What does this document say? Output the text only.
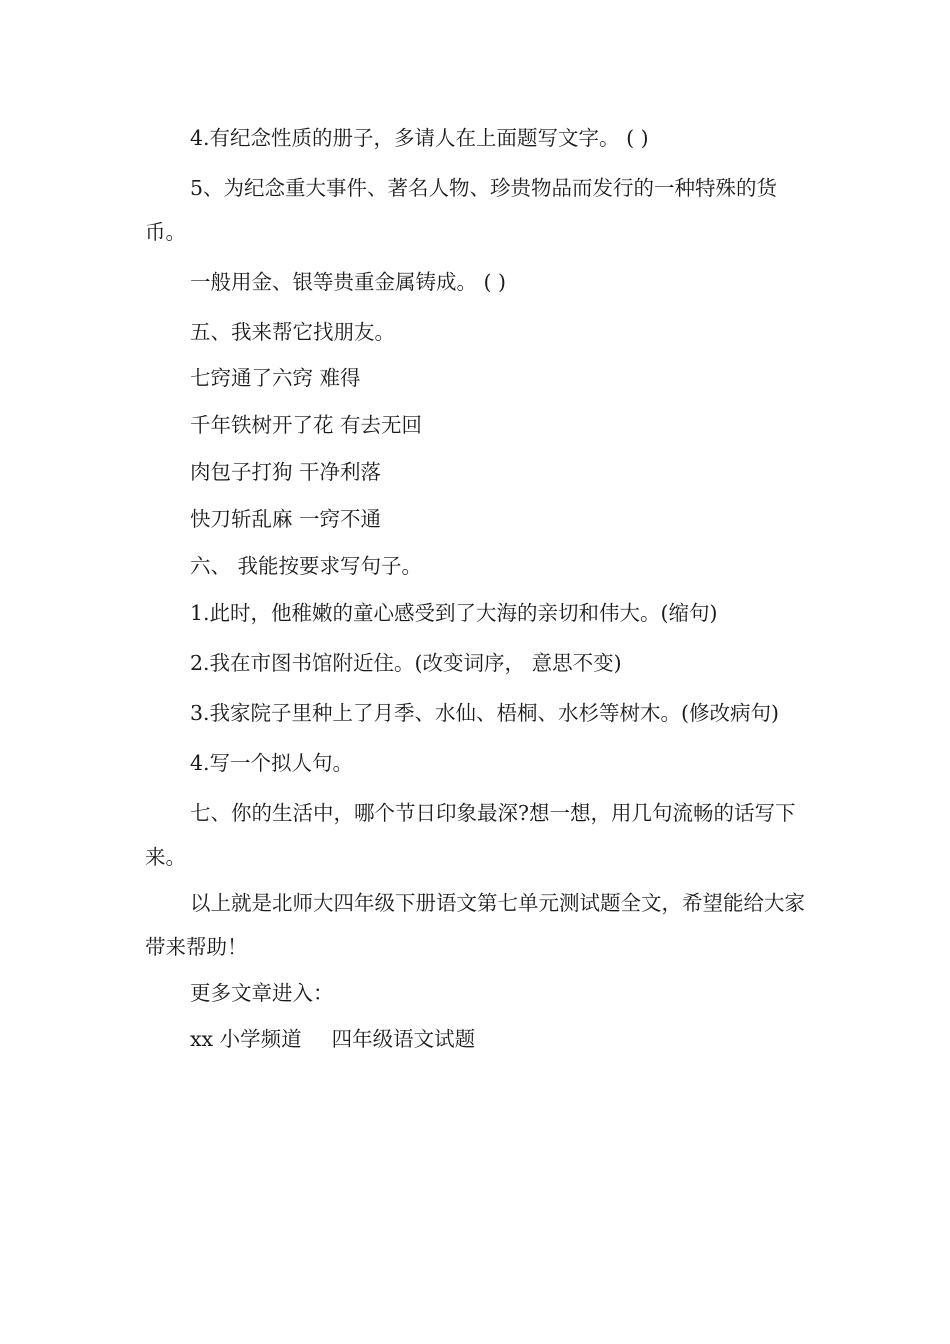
4.有纪念性质的册子，多请人在上面题写文字。 ( )

5、为纪念重大事件、著名人物、珍贵物品而发行的一种特殊的货币。

一般用金、银等贵重金属铸成。 ( )

五、我来帮它找朋友。

七窍通了六窍 难得

千年铁树开了花 有去无回

肉包子打狗 干净利落

快刀斩乱麻 一窍不通

六、 我能按要求写句子。

1.此时，他稚嫩的童心感受到了大海的亲切和伟大。(缩句)

2.我在市图书馆附近住。(改变词序， 意思不变)

3.我家院子里种上了月季、水仙、梧桐、水杉等树木。(修改病句)

4.写一个拟人句。

七、你的生活中，哪个节日印象最深?想一想，用几句流畅的话写下来。

以上就是北师大四年级下册语文第七单元测试题全文，希望能给大家带来帮助！

更多文章进入：

xx 小学频道 四年级语文试题
